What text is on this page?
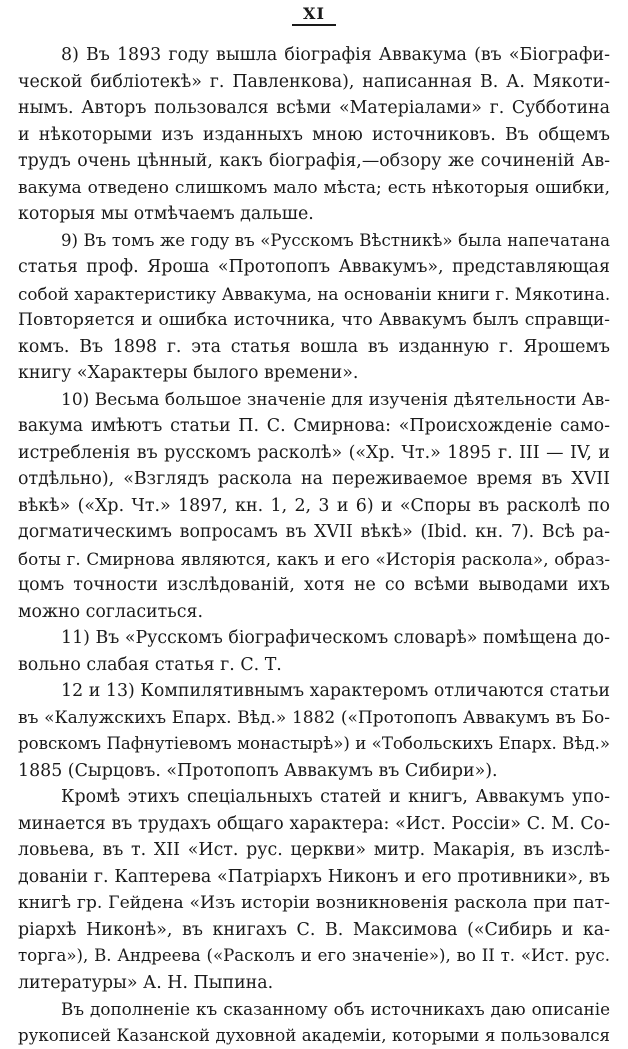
XI
8) Въ 1893 году вышла біографія Аввакума (въ «Біографи-
ческой библіотекѣ» г. Павленкова), написанная В. А. Мякоти-
нымъ. Авторъ пользовался всѣми «Матеріалами» г. Субботина
и нѣкоторыми изъ изданныхъ мною источниковъ. Въ общемъ
трудъ очень цѣнный, какъ біографія,—обзору же сочиненій Ав-
вакума отведено слишкомъ мало мѣста; есть нѣкоторыя ошибки,
которыя мы отмѣчаемъ дальше.
9) Въ томъ же году въ «Русскомъ Вѣстникѣ» была напечатана
статья проф. Ярошa «Протопопъ Аввакумъ», представляющая
собой характеристику Аввакума, на основаніи книги г. Мякотина.
Повторяется и ошибка источника, что Аввакумъ былъ справщи-
комъ. Въ 1898 г. эта статья вошла въ изданную г. Ярошемъ
книгу «Характеры былого времени».
10) Весьма большое значеніе для изученія дѣятельности Ав-
вакума имѣютъ статьи П. С. Смирнова: «Происхожденіе само-
истребленія въ русскомъ расколѣ» («Хр. Чт.» 1895 г. III — IV, и
отдѣльно), «Взглядъ раскола на переживаемое время въ XVII
вѣкѣ» («Хр. Чт.» 1897, кн. 1, 2, 3 и 6) и «Споры въ расколѣ по
догматическимъ вопросамъ въ XVII вѣкѣ» (Ibid. кн. 7). Всѣ ра-
боты г. Смирнова являются, какъ и его «Исторія раскола», образ-
цомъ точности изслѣдованій, хотя не со всѣми выводами ихъ
можно согласиться.
11) Въ «Русскомъ біографическомъ словарѣ» помѣщена до-
вольно слабая статья г. С. Т.
12 и 13) Компилятивнымъ характеромъ отличаются статьи
въ «Калужскихъ Епарх. Вѣд.» 1882 («Протопопъ Аввакумъ въ Бо-
ровскомъ Пафнутіевомъ монастырѣ») и «Тобольскихъ Епарх. Вѣд.»
1885 (Сырцовъ. «Протопопъ Аввакумъ въ Сибири»).
Кромѣ этихъ спеціальныхъ статей и книгъ, Аввакумъ упо-
минается въ трудахъ общаго характера: «Ист. Россіи» С. М. Со-
ловьева, въ т. XII «Ист. рус. церкви» митр. Макарія, въ изслѣ-
дованіи г. Каптерева «Патріархъ Никонъ и его противники», въ
книгѣ гр. Гейдена «Изъ исторіи возникновенія раскола при пат-
ріархѣ Никонѣ», въ книгахъ С. В. Максимова («Сибирь и ка-
торга»), В. Андреева («Расколъ и его значеніе»), во II т. «Ист. рус.
литературы» А. Н. Пыпина.
Въ дополненіе къ сказанному объ источникахъ даю описаніе
рукописей Казанской духовной академіи, которыми я пользовался
